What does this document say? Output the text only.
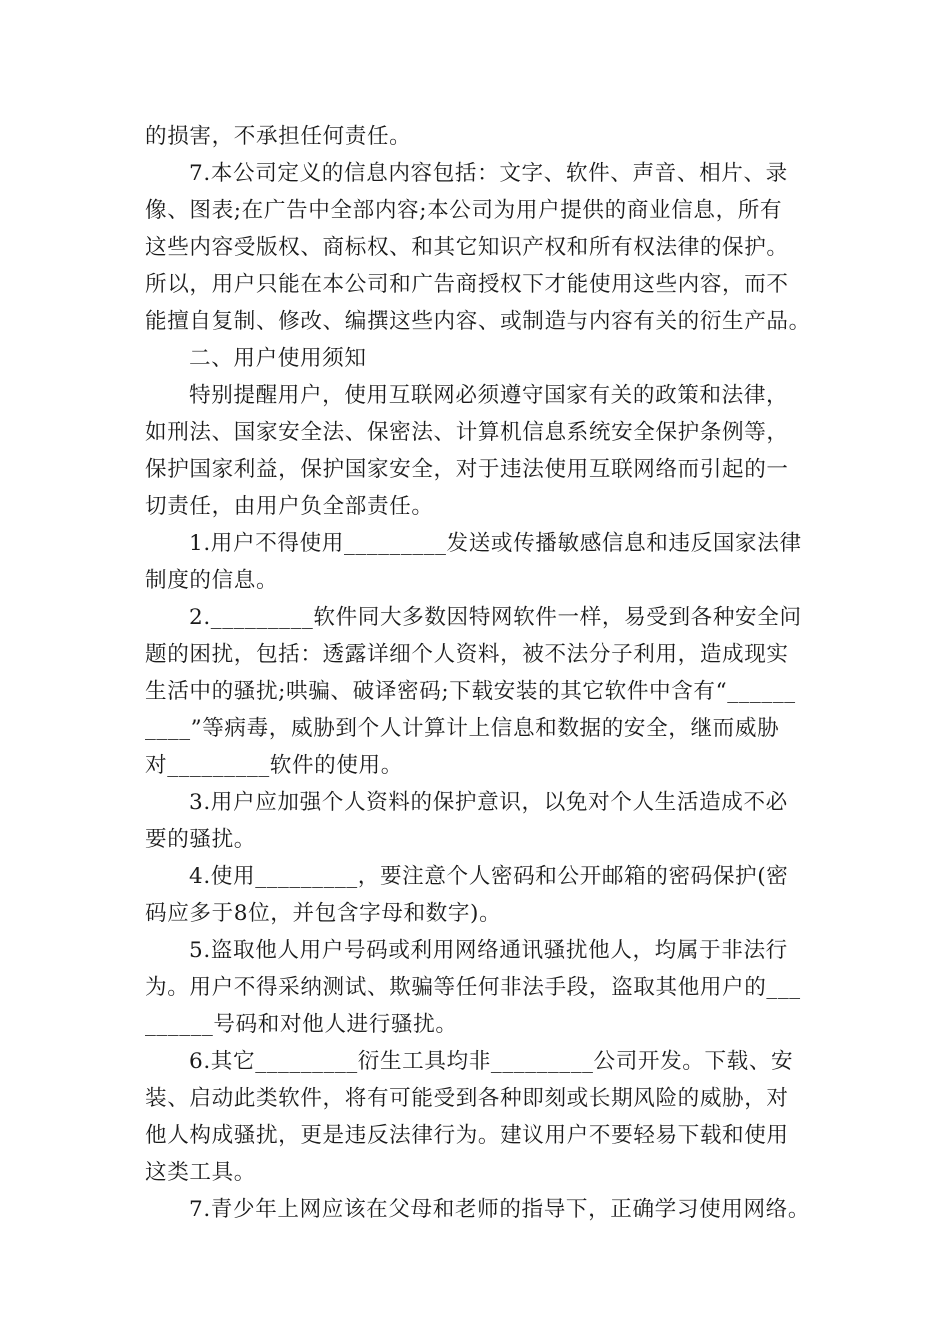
的损害，不承担任何责任。
7.本公司定义的信息内容包括：文字、软件、声音、相片、录
像、图表;在广告中全部内容;本公司为用户提供的商业信息，所有
这些内容受版权、商标权、和其它知识产权和所有权法律的保护。
所以，用户只能在本公司和广告商授权下才能使用这些内容，而不
能擅自复制、修改、编撰这些内容、或制造与内容有关的衍生产品。
二、用户使用须知
特别提醒用户，使用互联网必须遵守国家有关的政策和法律，
如刑法、国家安全法、保密法、计算机信息系统安全保护条例等，
保护国家利益，保护国家安全，对于违法使用互联网络而引起的一
切责任，由用户负全部责任。
1.用户不得使用_________发送或传播敏感信息和违反国家法律
制度的信息。
2._________软件同大多数因特网软件一样，易受到各种安全问
题的困扰，包括：透露详细个人资料，被不法分子利用，造成现实
生活中的骚扰;哄骗、破译密码;下载安装的其它软件中含有“______
____”等病毒，威胁到个人计算计上信息和数据的安全，继而威胁
对_________软件的使用。
3.用户应加强个人资料的保护意识，以免对个人生活造成不必
要的骚扰。
4.使用_________，要注意个人密码和公开邮箱的密码保护(密
码应多于8位，并包含字母和数字)。
5.盗取他人用户号码或利用网络通讯骚扰他人，均属于非法行
为。用户不得采纳测试、欺骗等任何非法手段，盗取其他用户的___
______号码和对他人进行骚扰。
6.其它_________衍生工具均非_________公司开发。下载、安
装、启动此类软件，将有可能受到各种即刻或长期风险的威胁，对
他人构成骚扰，更是违反法律行为。建议用户不要轻易下载和使用
这类工具。
7.青少年上网应该在父母和老师的指导下，正确学习使用网络。
